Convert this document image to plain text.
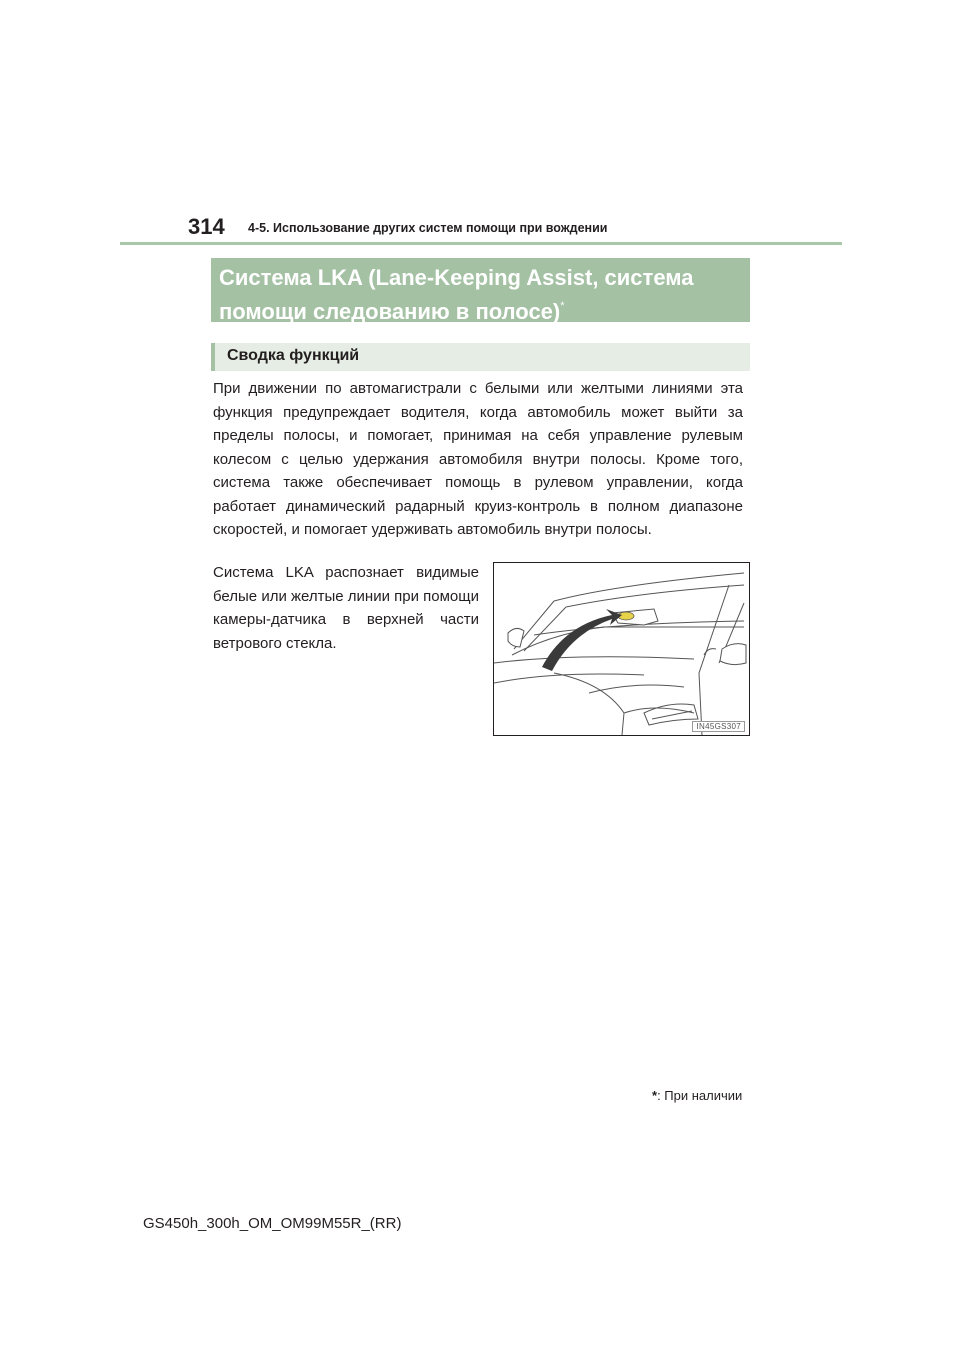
314 4-5. Использование других систем помощи при вождении
Система LKA (Lane-Keeping Assist, система
помощи следованию в полосе)*
Сводка функций
При движении по автомагистрали с белыми или желтыми линиями эта функция предупреждает водителя, когда автомобиль может выйти за пределы полосы, и помогает, принимая на себя управление рулевым колесом с целью удержания автомобиля внутри полосы. Кроме того, система также обеспечивает помощь в рулевом управлении, когда работает динамический радарный круиз-контроль в полном диапазоне скоростей, и помогает удерживать автомобиль внутри полосы.
Система LKA распознает видимые белые или желтые линии при помощи камеры-датчика в верхней части ветрового стекла.
IN45GS307
*: При наличии
GS450h_300h_OM_OM99M55R_(RR)
